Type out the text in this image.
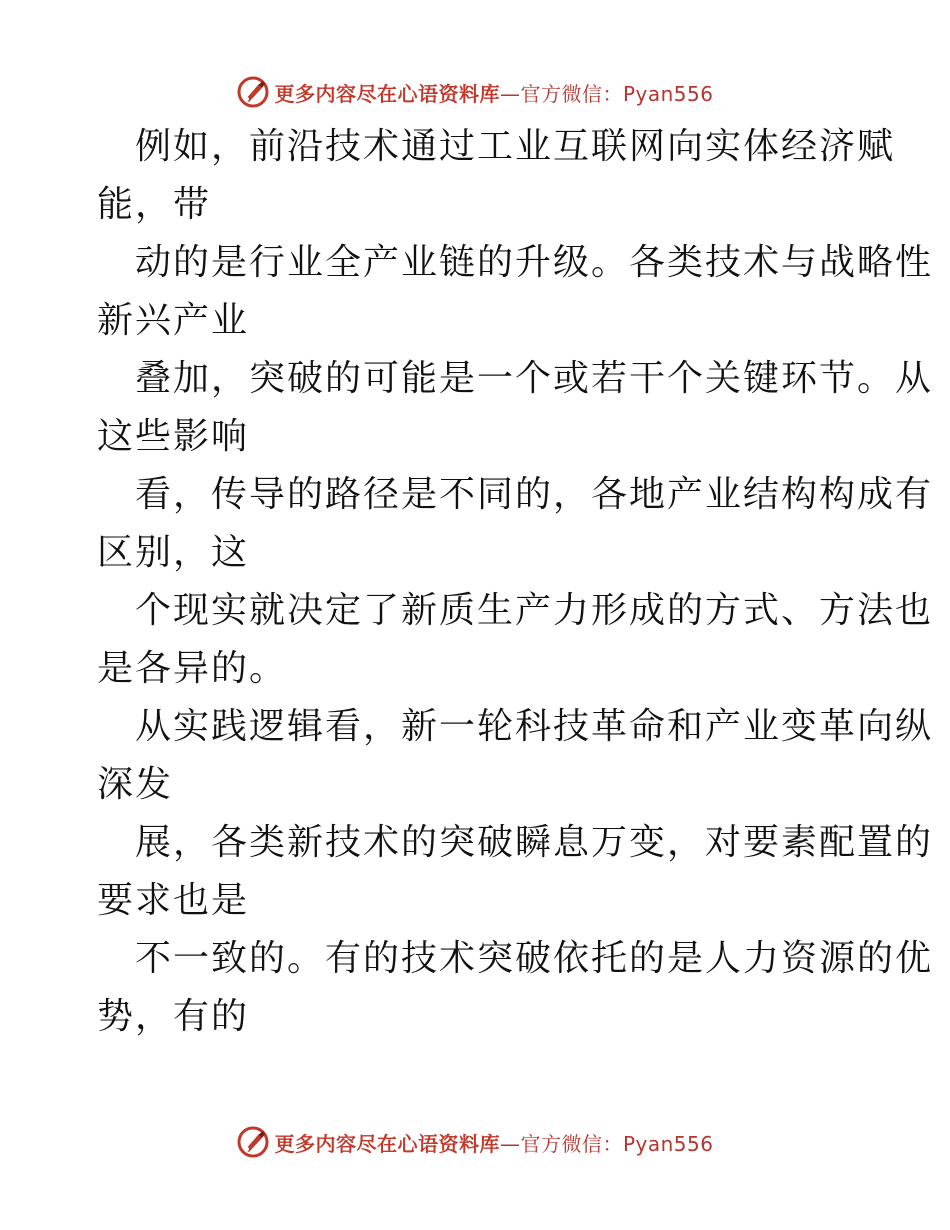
更多内容尽在心语资料库—官方微信：Pyan556

例如，前沿技术通过工业互联网向实体经济赋
能，带

动的是行业全产业链的升级。各类技术与战略性
新兴产业

叠加，突破的可能是一个或若干个关键环节。从
这些影响

看，传导的路径是不同的，各地产业结构构成有
区别，这

个现实就决定了新质生产力形成的方式、方法也
是各异的。

从实践逻辑看，新一轮科技革命和产业变革向纵
深发

展，各类新技术的突破瞬息万变，对要素配置的
要求也是

不一致的。有的技术突破依托的是人力资源的优
势，有的

更多内容尽在心语资料库—官方微信：Pyan556
